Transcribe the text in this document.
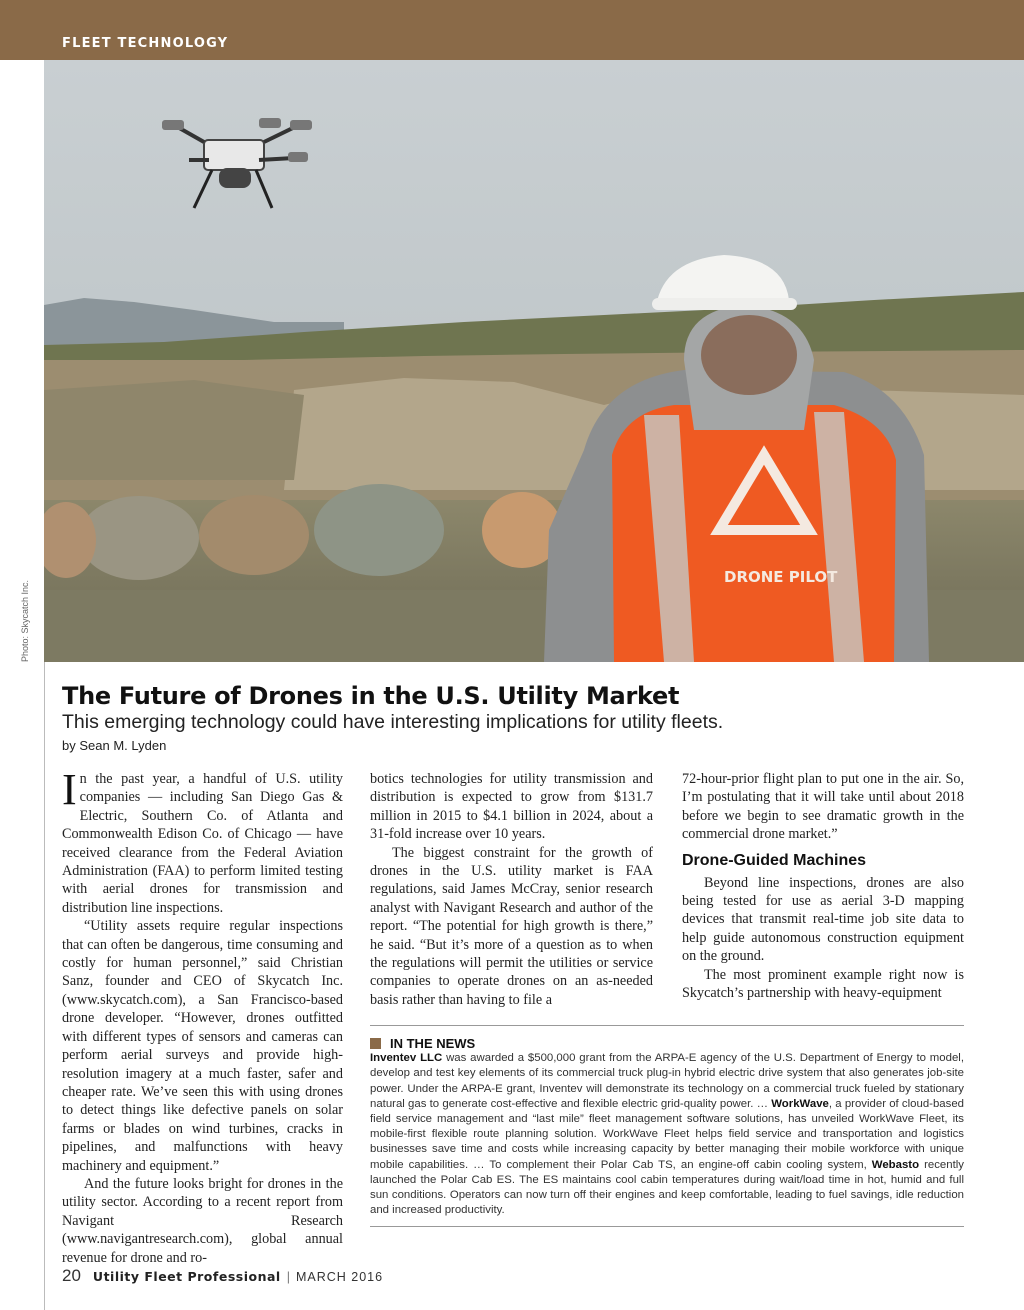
FLEET TECHNOLOGY
DRONE PILOT
Photo: Skycatch Inc.
The Future of Drones in the U.S. Utility Market
This emerging technology could have interesting implications for utility fleets.
by Sean M. Lyden

In the past year, a handful of U.S. utility companies — including San Diego Gas & Electric, Southern Co. of Atlanta and Commonwealth Edison Co. of Chicago — have received clearance from the Federal Aviation Administration (FAA) to perform limited testing with aerial drones for transmission and distribution line inspections.

“Utility assets require regular inspections that can often be dangerous, time consuming and costly for human personnel,” said Christian Sanz, founder and CEO of Skycatch Inc. (www.skycatch.com), a San Francisco-based drone developer. “However, drones outfitted with different types of sensors and cameras can perform aerial surveys and provide high-resolution imagery at a much faster, safer and cheaper rate. We’ve seen this with using drones to detect things like defective panels on solar farms or blades on wind turbines, cracks in pipelines, and malfunctions with heavy machinery and equipment.”

And the future looks bright for drones in the utility sector. According to a recent report from Navigant Research (www.navigantresearch.com), global annual revenue for drone and ro-

botics technologies for utility transmission and distribution is expected to grow from $131.7 million in 2015 to $4.1 billion in 2024, about a 31-fold increase over 10 years.

The biggest constraint for the growth of drones in the U.S. utility market is FAA regulations, said James McCray, senior research analyst with Navigant Research and author of the report. “The potential for high growth is there,” he said. “But it’s more of a question as to when the regulations will permit the utilities or service companies to operate drones on an as-needed basis rather than having to file a

72-hour-prior flight plan to put one in the air. So, I’m postulating that it will take until about 2018 before we begin to see dramatic growth in the commercial drone market.”

Drone-Guided Machines

Beyond line inspections, drones are also being tested for use as aerial 3-D mapping devices that transmit real-time job site data to help guide autonomous construction equipment on the ground.

The most prominent example right now is Skycatch’s partnership with heavy-equipment

IN THE NEWS
Inventev LLC was awarded a $500,000 grant from the ARPA-E agency of the U.S. Department of Energy to model, develop and test key elements of its commercial truck plug-in hybrid electric drive system that also generates job-site power. Under the ARPA-E grant, Inventev will demonstrate its technology on a commercial truck fueled by stationary natural gas to generate cost-effective and flexible electric grid-quality power. … WorkWave, a provider of cloud-based field service management and “last mile” fleet management software solutions, has unveiled WorkWave Fleet, its mobile-first flexible route planning solution. WorkWave Fleet helps field service and transportation and logistics businesses save time and costs while increasing capacity by better managing their mobile workforce with unique mobile capabilities. … To complement their Polar Cab TS, an engine-off cabin cooling system, Webasto recently launched the Polar Cab ES. The ES maintains cool cabin temperatures during wait/load time in hot, humid and full sun conditions. Operators can now turn off their engines and keep comfortable, leading to fuel savings, idle reduction and increased productivity.
20 Utility Fleet Professional | MARCH 2016
